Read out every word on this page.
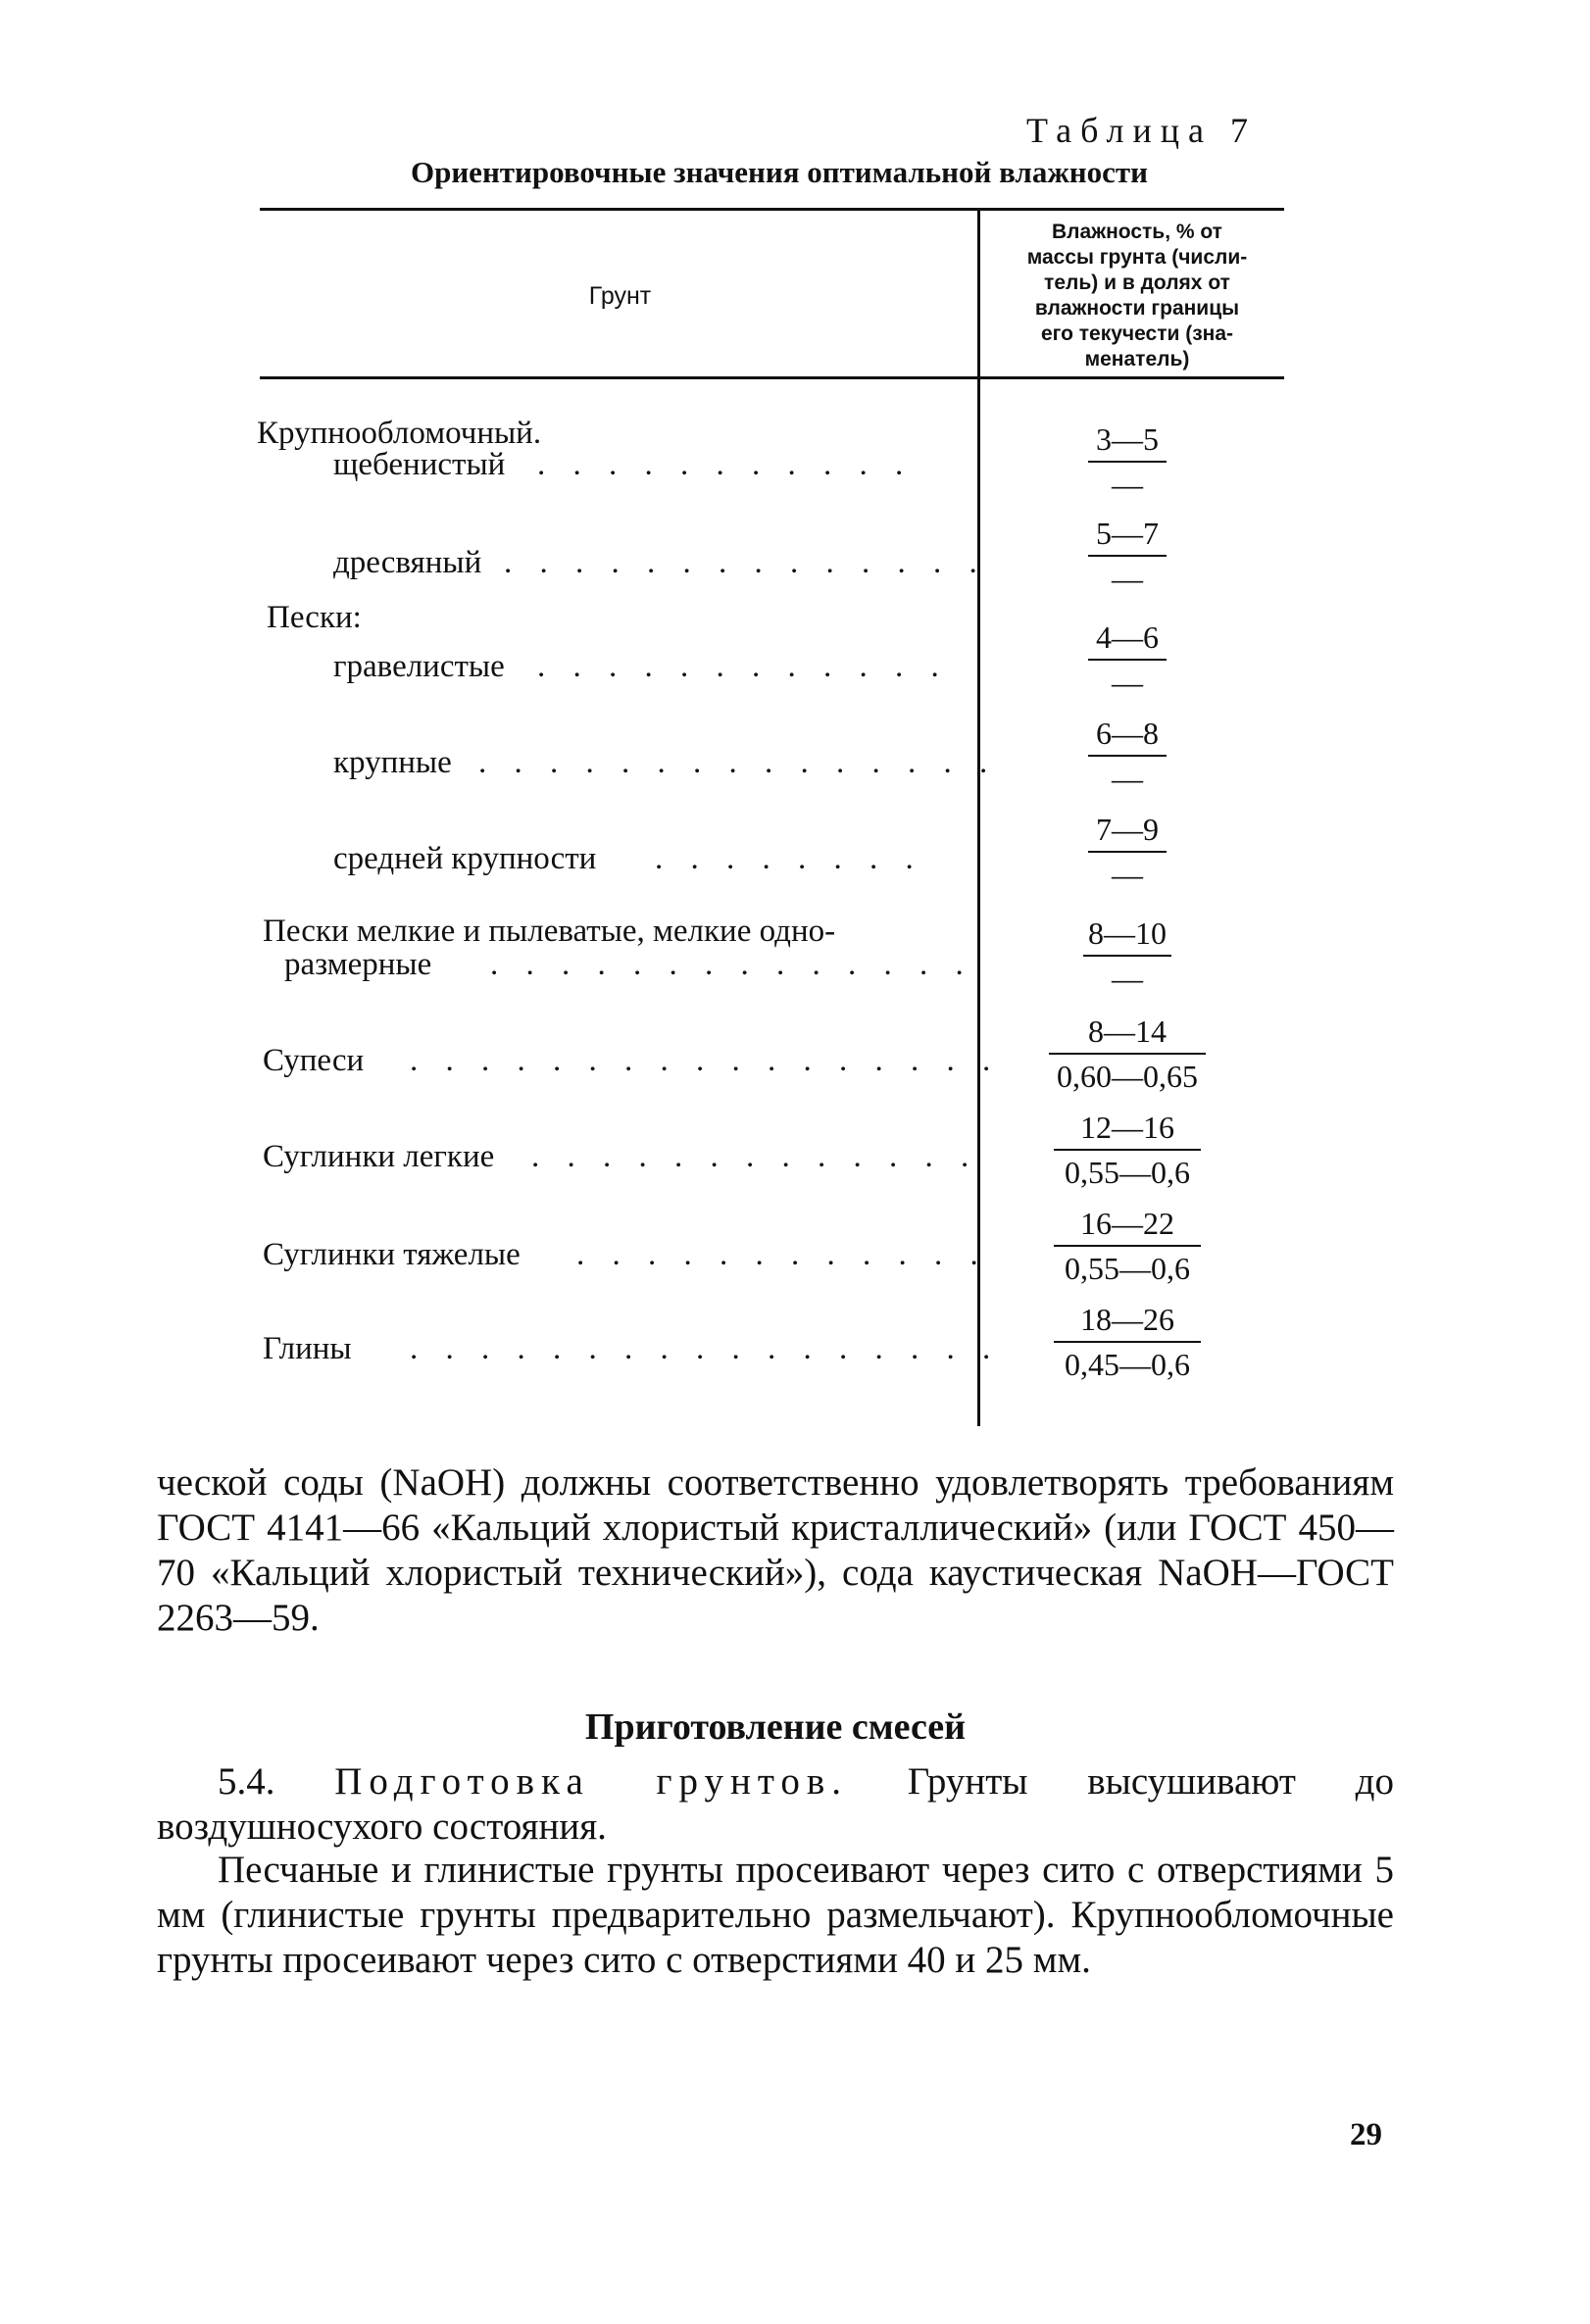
Таблица 7
Ориентировочные значения оптимальной влажности
Грунт
Влажность, % от
массы грунта (числи-
тель) и в долях от
влажности границы
его текучести (зна-
менатель)
Крупнообломочный.
щебенистый . . . . . . . . . . .
дресвяный . . . . . . . . . . . . . .
Пески:
гравелистые . . . . . . . . . . . .
крупные . . . . . . . . . . . . . . .
средней крупности . . . . . . . .
Пески мелкие и пылеватые, мелкие одно-
размерные . . . . . . . . . . . . . .
Супеси . . . . . . . . . . . . . . . . .
Суглинки легкие . . . . . . . . . . . . .
Суглинки тяжелые . . . . . . . . . . . .
Глины . . . . . . . . . . . . . . . . .
3—5
—
5—7
—
4—6
—
6—8
—
7—9
—
8—10
—
8—14
0,60—0,65
12—16
0,55—0,6
16—22
0,55—0,6
18—26
0,45—0,6
ческой соды (NaOH) должны соответственно удовлетворять требованиям ГОСТ 4141—66 «Кальций хлористый кристаллический» (или ГОСТ 450—70 «Кальций хлористый технический»), сода каустическая NaOH—ГОСТ 2263—59.
Приготовление смесей
5.4. Подготовка грунтов. Грунты высушивают до воздушносухого состояния.
Песчаные и глинистые грунты просеивают через сито с отверстиями 5 мм (глинистые грунты предварительно размельчают). Крупнообломочные грунты просеивают через сито с отверстиями 40 и 25 мм.
29
